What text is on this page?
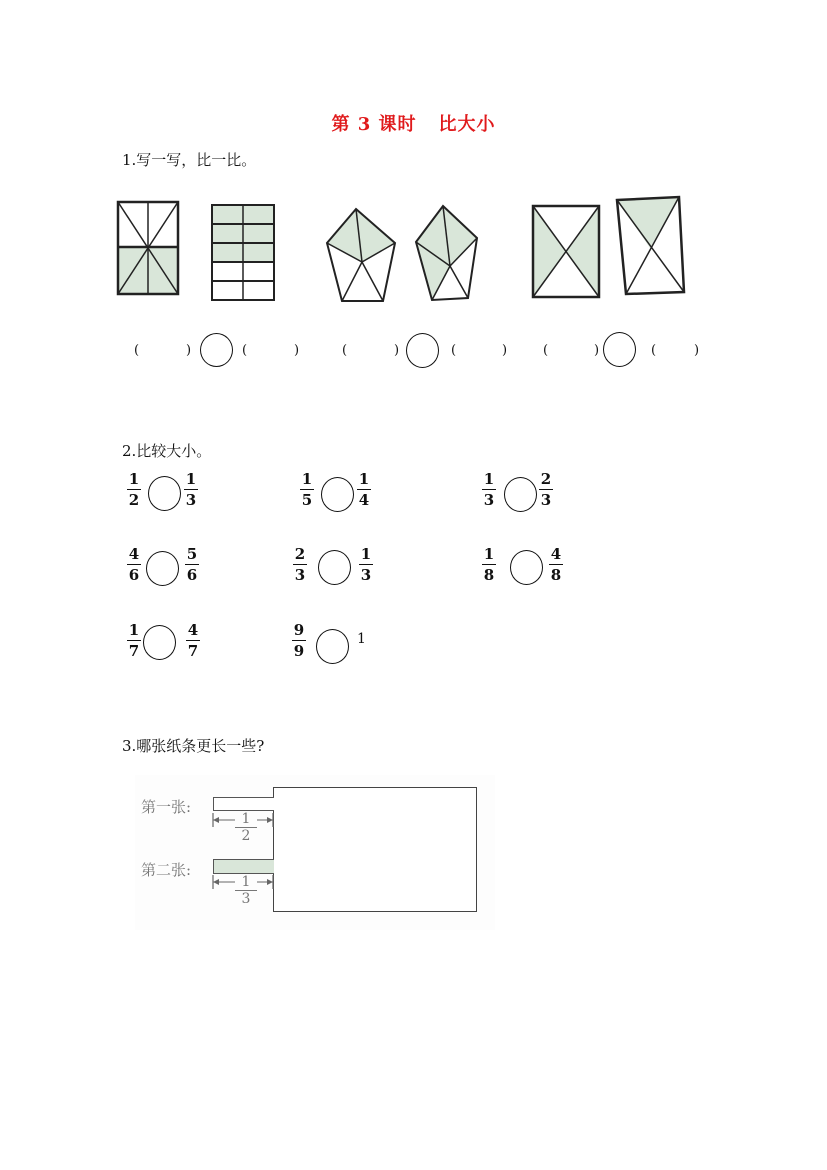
第 3 课时 比大小
1.写一写，比一比。
(	)	(	)	(	)	(	)	(	)	(	)
2.比较大小。
1
2
1
3
1
5
1
4
1
3
2
3
4
6
5
6
2
3
1
3
1
8
4
8
1
7
4
7
9
9
1
3.哪张纸条更长一些?
第一张:
1
2
第二张:
1
3
